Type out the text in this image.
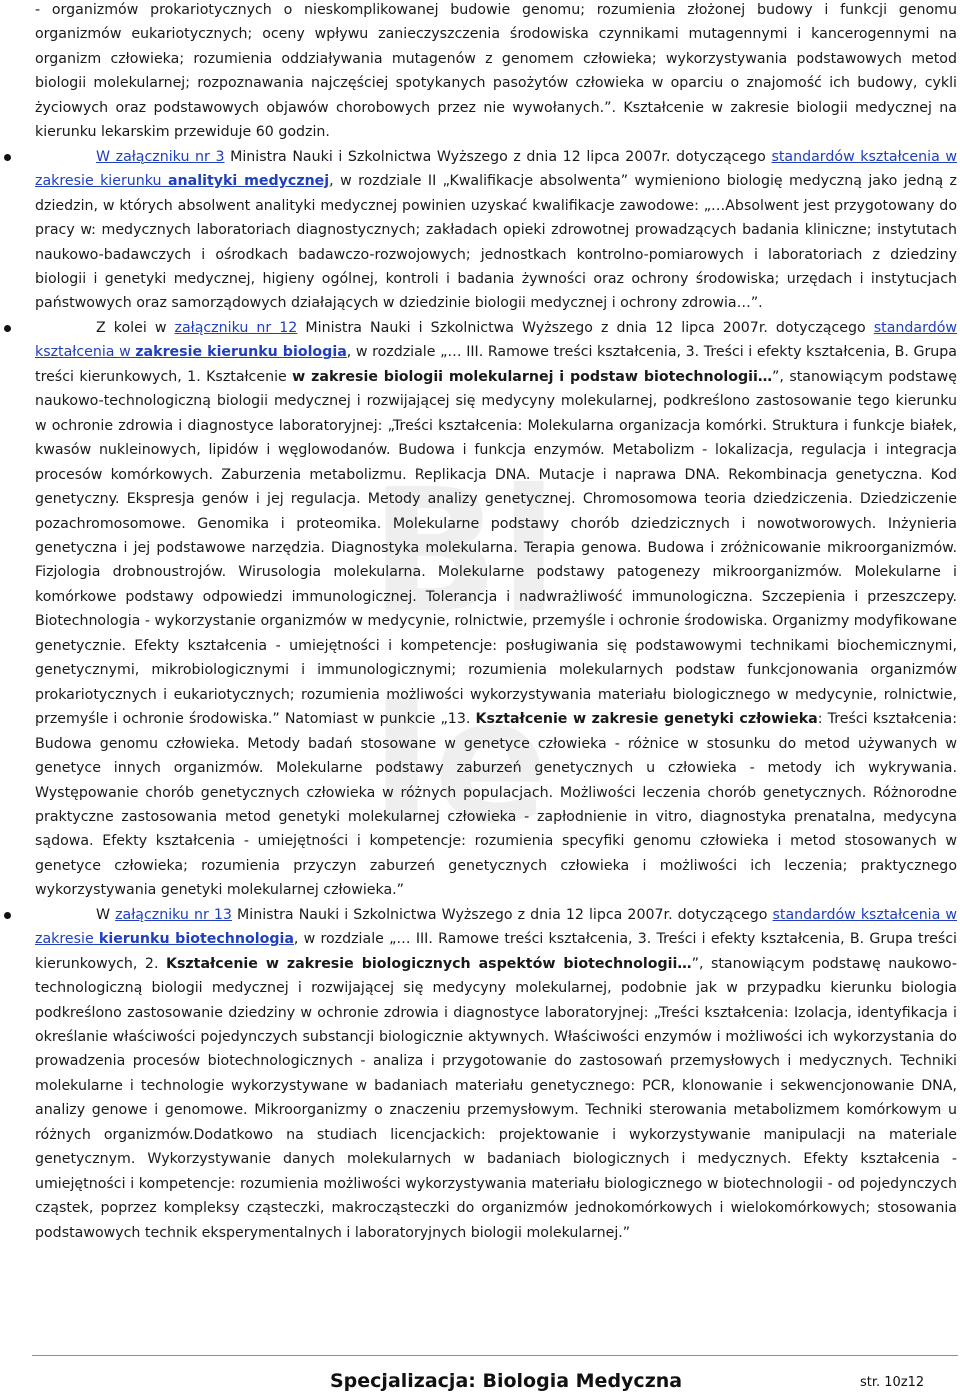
Bl
Ie

- organizmów prokariotycznych o nieskomplikowanej budowie genomu; rozumienia złożonej budowy i funkcji genomu organizmów eukariotycznych; oceny wpływu zanieczyszczenia środowiska czynnikami mutagennymi i kancerogennymi na organizm człowieka; rozumienia oddziaływania mutagenów z genomem człowieka; wykorzystywania podstawowych metod biologii molekularnej; rozpoznawania najczęściej spotykanych pasożytów człowieka w oparciu o znajomość ich budowy, cykli życiowych oraz podstawowych objawów chorobowych przez nie wywołanych.”. Kształcenie w zakresie biologii medycznej na kierunku lekarskim przewiduje 60 godzin.

W załączniku nr 3 Ministra Nauki i Szkolnictwa Wyższego z dnia 12 lipca 2007r. dotyczącego standardów kształcenia w zakresie kierunku analityki medycznej, w rozdziale II „Kwalifikacje absolwenta” wymieniono biologię medyczną jako jedną z dziedzin, w których absolwent analityki medycznej powinien uzyskać kwalifikacje zawodowe: „…Absolwent jest przygotowany do pracy w: medycznych laboratoriach diagnostycznych; zakładach opieki zdrowotnej prowadzących badania kliniczne; instytutach naukowo-badawczych i ośrodkach badawczo-rozwojowych; jednostkach kontrolno-pomiarowych i laboratoriach z dziedziny biologii i genetyki medycznej, higieny ogólnej, kontroli i badania żywności oraz ochrony środowiska; urzędach i instytucjach państwowych oraz samorządowych działających w dziedzinie biologii medycznej i ochrony zdrowia…”.

Z kolei w załączniku nr 12 Ministra Nauki i Szkolnictwa Wyższego z dnia 12 lipca 2007r. dotyczącego standardów kształcenia w zakresie kierunku biologia, w rozdziale „… III. Ramowe treści kształcenia, 3. Treści i efekty kształcenia, B. Grupa treści kierunkowych, 1. Kształcenie w zakresie biologii molekularnej i podstaw biotechnologii…”, stanowiącym podstawę naukowo-technologiczną biologii medycznej i rozwijającej się medycyny molekularnej, podkreślono zastosowanie tego kierunku w ochronie zdrowia i diagnostyce laboratoryjnej: „Treści kształcenia: Molekularna organizacja komórki. Struktura i funkcje białek, kwasów nukleinowych, lipidów i węglowodanów. Budowa i funkcja enzymów. Metabolizm - lokalizacja, regulacja i integracja procesów komórkowych. Zaburzenia metabolizmu. Replikacja DNA. Mutacje i naprawa DNA. Rekombinacja genetyczna. Kod genetyczny. Ekspresja genów i jej regulacja. Metody analizy genetycznej. Chromosomowa teoria dziedziczenia. Dziedziczenie pozachromosomowe. Genomika i proteomika. Molekularne podstawy chorób dziedzicznych i nowotworowych. Inżynieria genetyczna i jej podstawowe narzędzia. Diagnostyka molekularna. Terapia genowa. Budowa i zróżnicowanie mikroorganizmów. Fizjologia drobnoustrojów. Wirusologia molekularna. Molekularne podstawy patogenezy mikroorganizmów. Molekularne i komórkowe podstawy odpowiedzi immunologicznej. Tolerancja i nadwrażliwość immunologiczna. Szczepienia i przeszczepy. Biotechnologia - wykorzystanie organizmów w medycynie, rolnictwie, przemyśle i ochronie środowiska. Organizmy modyfikowane genetycznie. Efekty kształcenia - umiejętności i kompetencje: posługiwania się podstawowymi technikami biochemicznymi, genetycznymi, mikrobiologicznymi i immunologicznymi; rozumienia molekularnych podstaw funkcjonowania organizmów prokariotycznych i eukariotycznych; rozumienia możliwości wykorzystywania materiału biologicznego w medycynie, rolnictwie, przemyśle i ochronie środowiska.” Natomiast w punkcie „13. Kształcenie w zakresie genetyki człowieka: Treści kształcenia: Budowa genomu człowieka. Metody badań stosowane w genetyce człowieka - różnice w stosunku do metod używanych w genetyce innych organizmów. Molekularne podstawy zaburzeń genetycznych u człowieka - metody ich wykrywania. Występowanie chorób genetycznych człowieka w różnych populacjach. Możliwości leczenia chorób genetycznych. Różnorodne praktyczne zastosowania metod genetyki molekularnej człowieka - zapłodnienie in vitro, diagnostyka prenatalna, medycyna sądowa. Efekty kształcenia - umiejętności i kompetencje: rozumienia specyfiki genomu człowieka i metod stosowanych w genetyce człowieka; rozumienia przyczyn zaburzeń genetycznych człowieka i możliwości ich leczenia; praktycznego wykorzystywania genetyki molekularnej człowieka.”

W załączniku nr 13 Ministra Nauki i Szkolnictwa Wyższego z dnia 12 lipca 2007r. dotyczącego standardów kształcenia w zakresie kierunku biotechnologia, w rozdziale „… III. Ramowe treści kształcenia, 3. Treści i efekty kształcenia, B. Grupa treści kierunkowych, 2. Kształcenie w zakresie biologicznych aspektów biotechnologii…”, stanowiącym podstawę naukowo-technologiczną biologii medycznej i rozwijającej się medycyny molekularnej, podobnie jak w przypadku kierunku biologia podkreślono zastosowanie dziedziny w ochronie zdrowia i diagnostyce laboratoryjnej: „Treści kształcenia: Izolacja, identyfikacja i określanie właściwości pojedynczych substancji biologicznie aktywnych. Właściwości enzymów i możliwości ich wykorzystania do prowadzenia procesów biotechnologicznych - analiza i przygotowanie do zastosowań przemysłowych i medycznych. Techniki molekularne i technologie wykorzystywane w badaniach materiału genetycznego: PCR, klonowanie i sekwencjonowanie DNA, analizy genowe i genomowe. Mikroorganizmy o znaczeniu przemysłowym. Techniki sterowania metabolizmem komórkowym u różnych organizmów.Dodatkowo na studiach licencjackich: projektowanie i wykorzystywanie manipulacji na materiale genetycznym. Wykorzystywanie danych molekularnych w badaniach biologicznych i medycznych. Efekty kształcenia - umiejętności i kompetencje: rozumienia możliwości wykorzystywania materiału biologicznego w biotechnologii - od pojedynczych cząstek, poprzez kompleksy cząsteczki, makrocząsteczki do organizmów jednokomórkowych i wielokomórkowych; stosowania podstawowych technik eksperymentalnych i laboratoryjnych biologii molekularnej.”

Specjalizacja: Biologia Medyczna	str. 10z12
